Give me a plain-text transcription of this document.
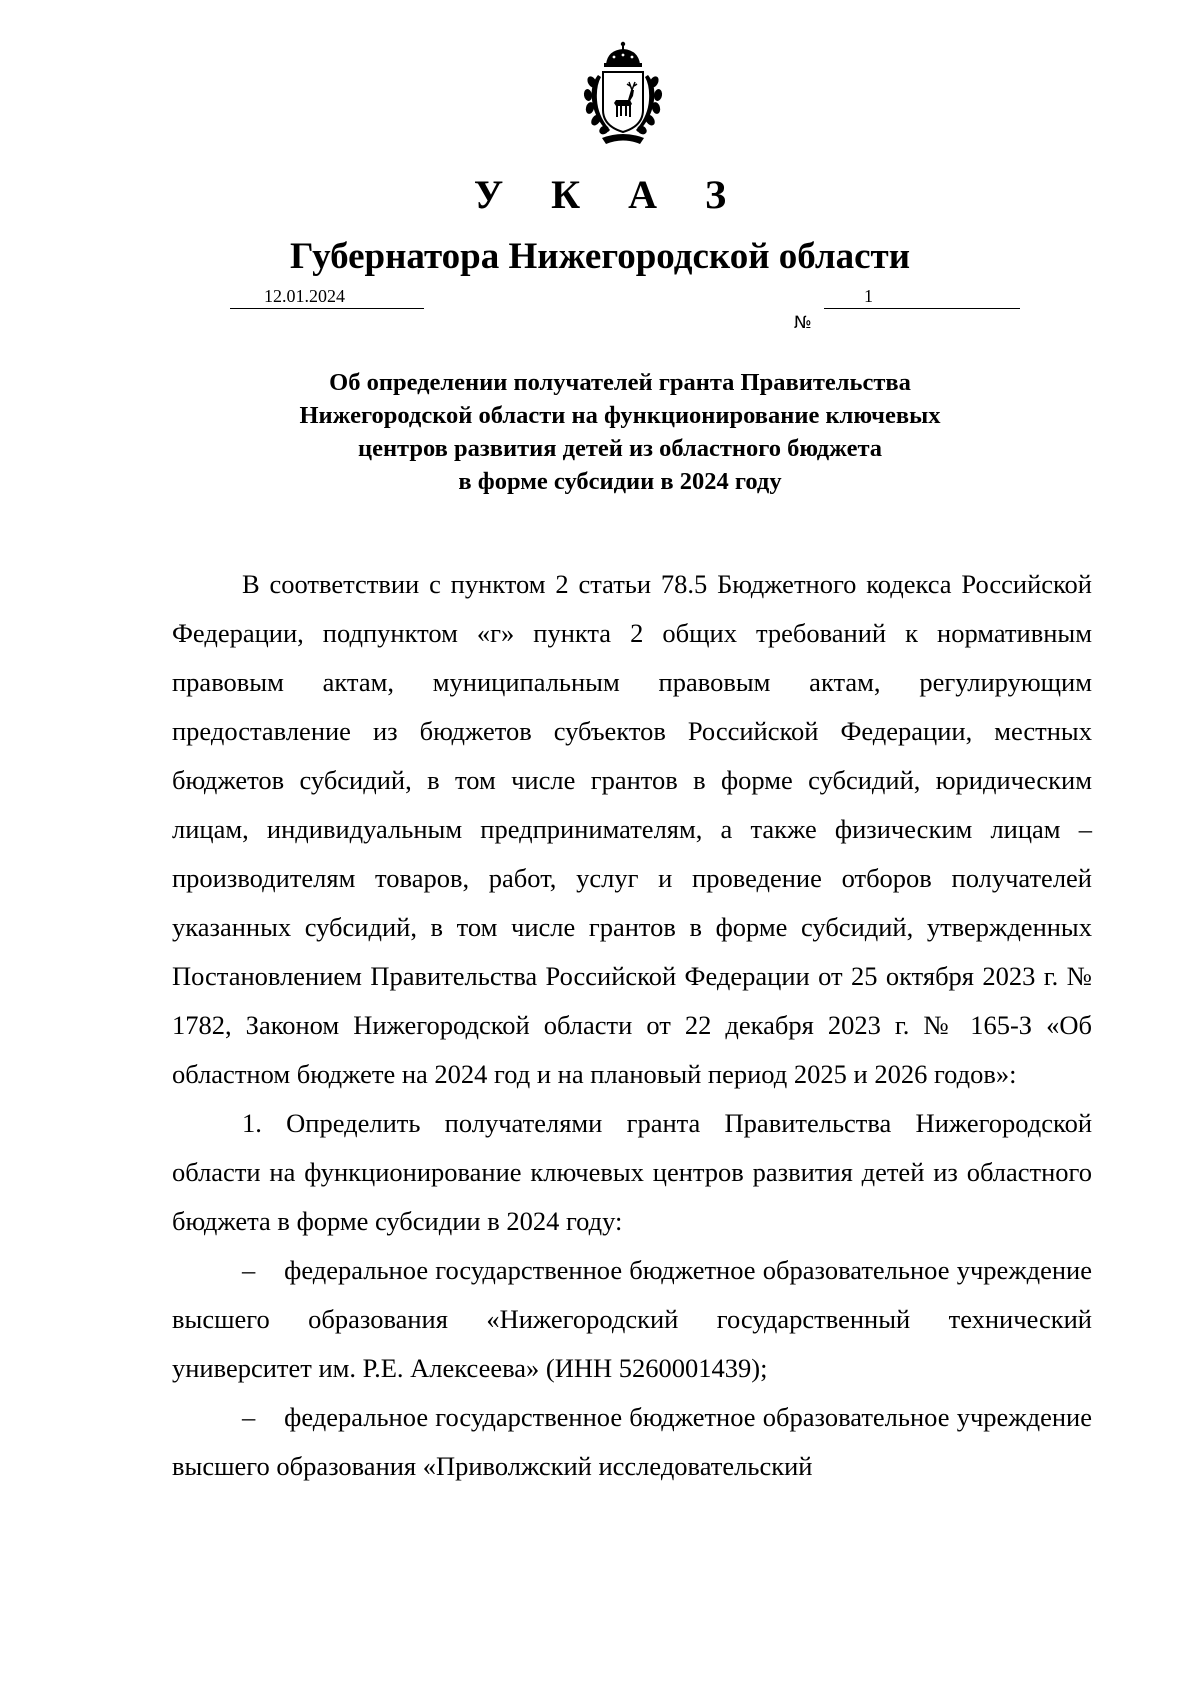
У К А З
Губернатора Нижегородской области
12.01.2024
№
1
Об определении получателей гранта Правительства
Нижегородской области на функционирование ключевых
центров развития детей из областного бюджета
в форме субсидии в 2024 году

В соответствии с пунктом 2 статьи 78.5 Бюджетного кодекса Российской Федерации, подпунктом «г» пункта 2 общих требований к нормативным правовым актам, муниципальным правовым актам, регулирующим предоставление из бюджетов субъектов Российской Федерации, местных бюджетов субсидий, в том числе грантов в форме субсидий, юридическим лицам, индивидуальным предпринимателям, а также физическим лицам – производителям товаров, работ, услуг и проведение отборов получателей указанных субсидий, в том числе грантов в форме субсидий, утвержденных Постановлением Правительства Российской Федерации от 25 октября 2023 г. № 1782, Законом Нижегородской области от 22 декабря 2023 г. № 165-З «Об областном бюджете на 2024 год и на плановый период 2025 и 2026 годов»:

1. Определить получателями гранта Правительства Нижегородской области на функционирование ключевых центров развития детей из областного бюджета в форме субсидии в 2024 году:

–    федеральное государственное бюджетное образовательное учреждение высшего образования «Нижегородский государственный технический университет им. Р.Е. Алексеева» (ИНН 5260001439);

–    федеральное государственное бюджетное образовательное учреждение высшего образования «Приволжский исследовательский
